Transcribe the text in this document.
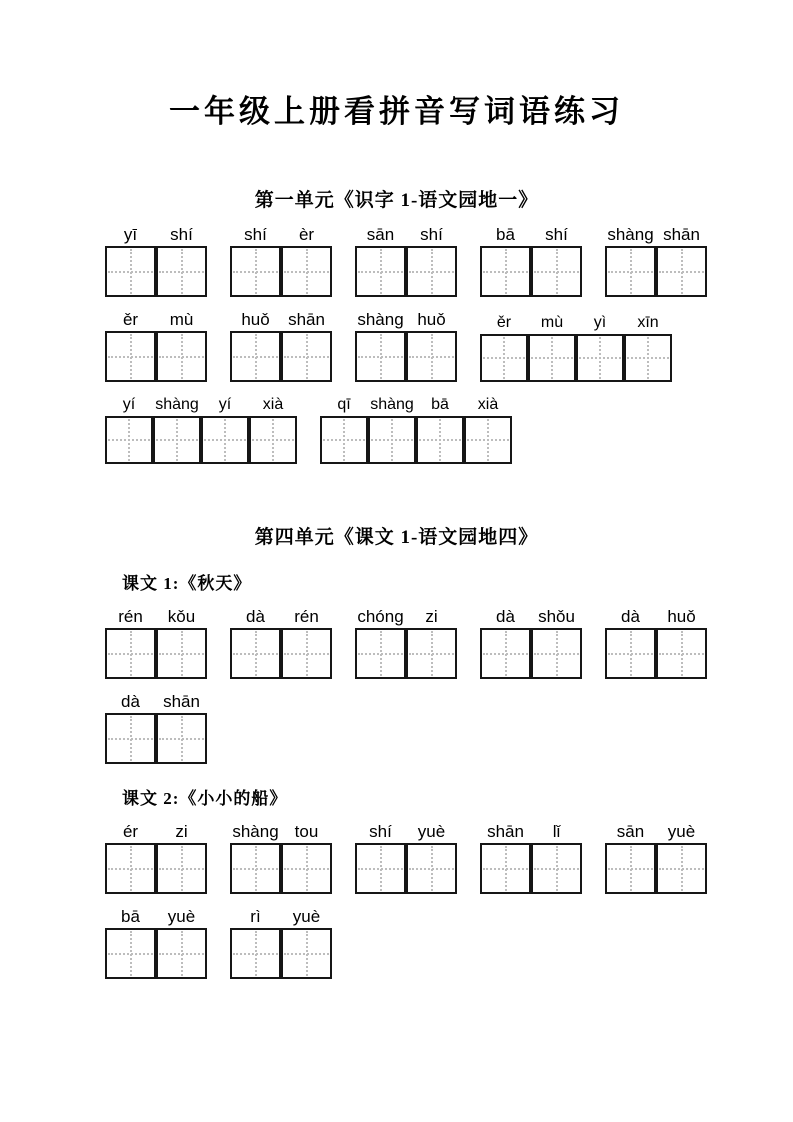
一年级上册看拼音写词语练习
第一单元《识字 1-语文园地一》
yī	shí	shí	èr	sān	shí	bā	shí	shàng shān
ěr	mù	huǒ	shān	shàng huǒ	ěr	mù	yì	xīn
yí	shàng	yí	xià	qī	shàng	bā	xià
第四单元《课文 1-语文园地四》
课文 1:《秋天》
rén	kǒu	dà	rén	chóng	zi	dà	shǒu	dà	huǒ
dà	shān
课文 2:《小小的船》
ér	zi	shàng tou	shí	yuè	shān	lǐ	sān	yuè
bā	yuè	rì	yuè
